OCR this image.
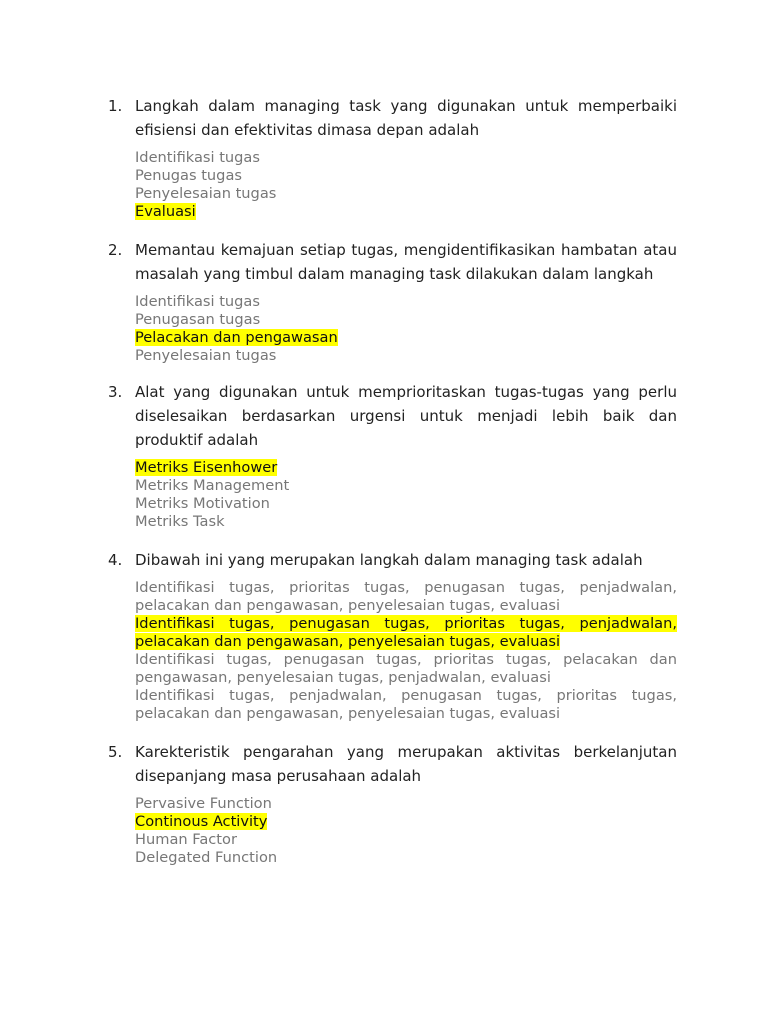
1. Langkah dalam managing task yang digunakan untuk memperbaiki efisiensi dan efektivitas dimasa depan adalah
Identifikasi tugas
Penugas tugas
Penyelesaian tugas
Evaluasi
2. Memantau kemajuan setiap tugas, mengidentifikasikan hambatan atau masalah yang timbul dalam managing task dilakukan dalam langkah
Identifikasi tugas
Penugasan tugas
Pelacakan dan pengawasan
Penyelesaian tugas
3. Alat yang digunakan untuk memprioritaskan tugas-tugas yang perlu diselesaikan berdasarkan urgensi untuk menjadi lebih baik dan produktif adalah
Metriks Eisenhower
Metriks Management
Metriks Motivation
Metriks Task
4. Dibawah ini yang merupakan langkah dalam managing task adalah
Identifikasi tugas, prioritas tugas, penugasan tugas, penjadwalan, pelacakan dan pengawasan, penyelesaian tugas, evaluasi
Identifikasi tugas, penugasan tugas, prioritas tugas, penjadwalan, pelacakan dan pengawasan, penyelesaian tugas, evaluasi
Identifikasi tugas, penugasan tugas, prioritas tugas, pelacakan dan pengawasan, penyelesaian tugas, penjadwalan, evaluasi
Identifikasi tugas, penjadwalan, penugasan tugas, prioritas tugas, pelacakan dan pengawasan, penyelesaian tugas, evaluasi
5. Karekteristik pengarahan yang merupakan aktivitas berkelanjutan disepanjang masa perusahaan adalah
Pervasive Function
Continous Activity
Human Factor
Delegated Function
